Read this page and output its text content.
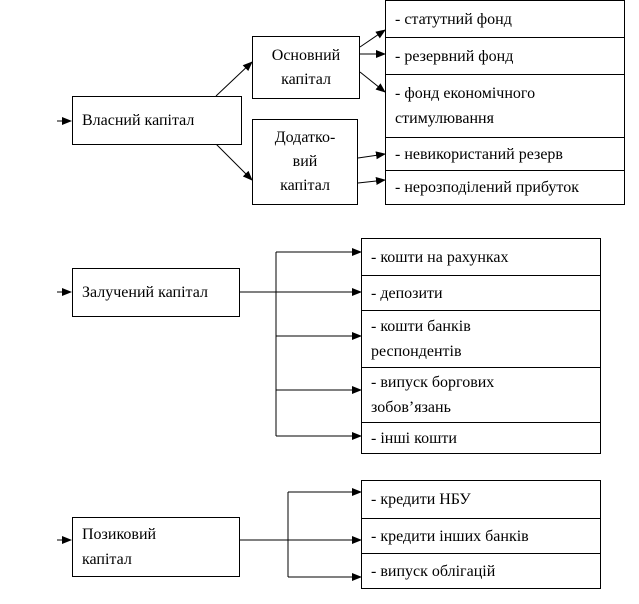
Власний капітал
Основний
капітал
Додатко-
вий
капітал
- статутний фонд
- резервний фонд
- фонд економічного
стимулювання
- невикористаний резерв
- нерозподілений прибуток
Залучений капітал
- кошти на рахунках
- депозити
- кошти банків
респондентів
- випуск боргових
зобов’язань
- інші кошти
Позиковий
капітал
- кредити НБУ
- кредити інших банків
- випуск облігацій
